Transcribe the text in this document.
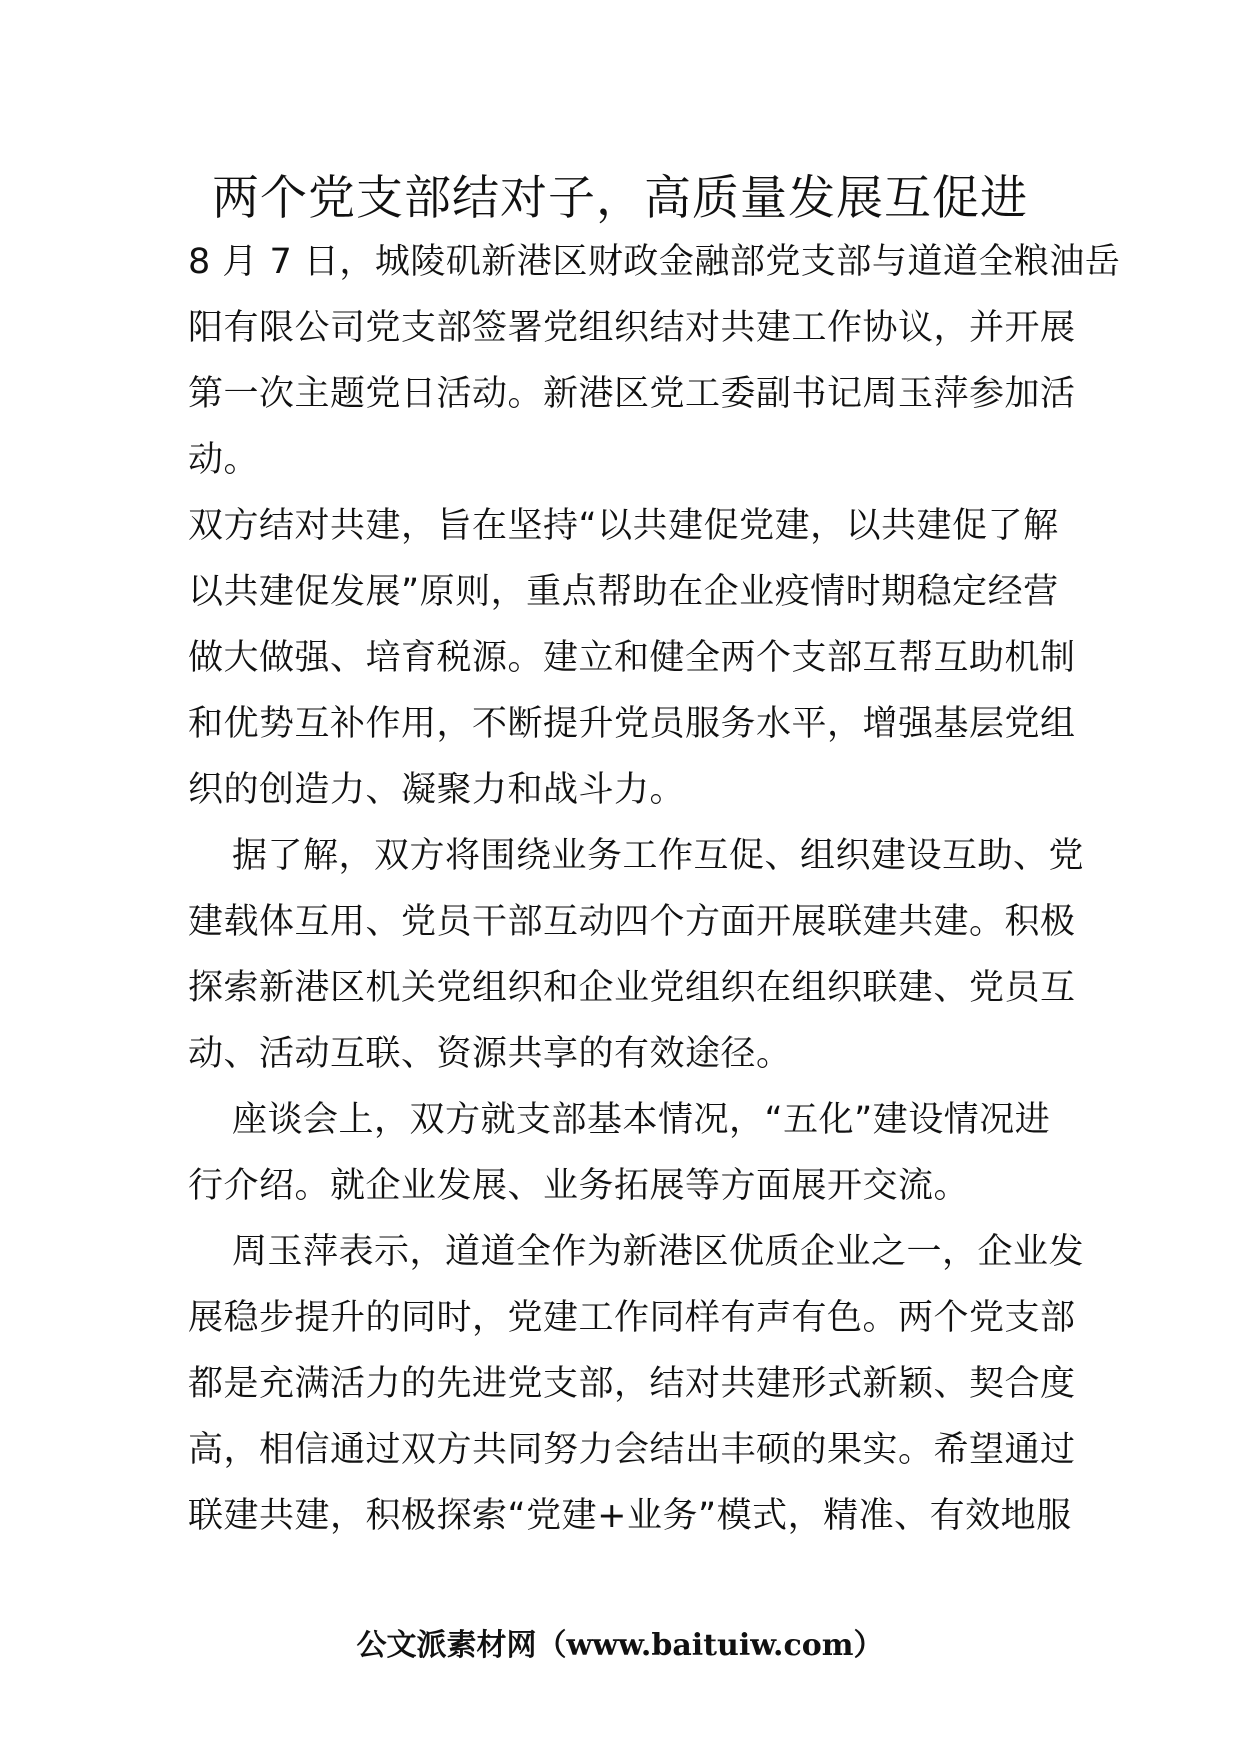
两个党支部结对子，高质量发展互促进
8 月 7 日，城陵矶新港区财政金融部党支部与道道全粮油岳
阳有限公司党支部签署党组织结对共建工作协议，并开展
第一次主题党日活动。新港区党工委副书记周玉萍参加活
动。
双方结对共建，旨在坚持“以共建促党建，以共建促了解
以共建促发展”原则，重点帮助在企业疫情时期稳定经营
做大做强、培育税源。建立和健全两个支部互帮互助机制
和优势互补作用，不断提升党员服务水平，增强基层党组
织的创造力、凝聚力和战斗力。
据了解，双方将围绕业务工作互促、组织建设互助、党
建载体互用、党员干部互动四个方面开展联建共建。积极
探索新港区机关党组织和企业党组织在组织联建、党员互
动、活动互联、资源共享的有效途径。
座谈会上，双方就支部基本情况，“五化”建设情况进
行介绍。就企业发展、业务拓展等方面展开交流。
周玉萍表示，道道全作为新港区优质企业之一，企业发
展稳步提升的同时，党建工作同样有声有色。两个党支部
都是充满活力的先进党支部，结对共建形式新颖、契合度
高，相信通过双方共同努力会结出丰硕的果实。希望通过
联建共建，积极探索“党建+业务”模式，精准、有效地服
公文派素材网（www.baituiw.com）
